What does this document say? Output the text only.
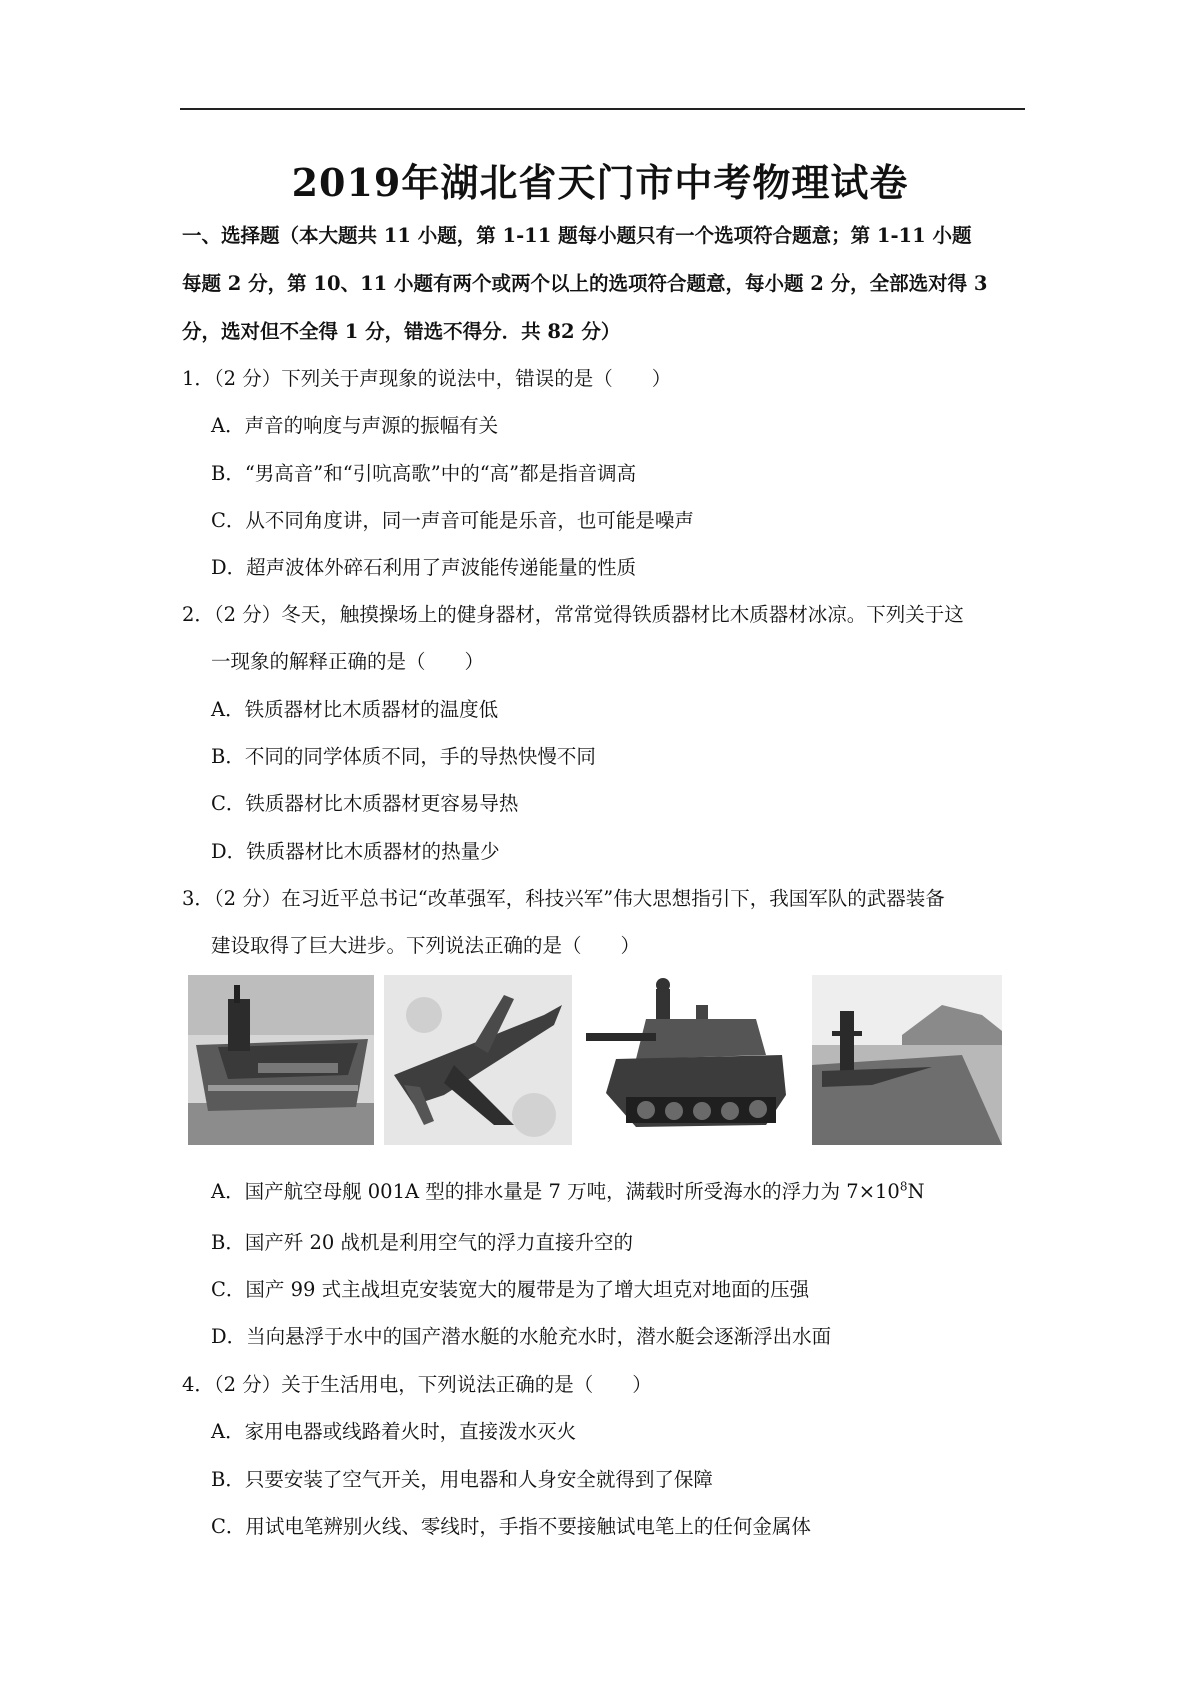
2019年湖北省天门市中考物理试卷
一、选择题（本大题共 11 小题，第 1-11 题每小题只有一个选项符合题意；第 1-11 小题
每题 2 分，第 10、11 小题有两个或两个以上的选项符合题意，每小题 2 分，全部选对得 3
分，选对但不全得 1 分，错选不得分．共 82 分）
1．（2 分）下列关于声现象的说法中，错误的是（　　）
A．声音的响度与声源的振幅有关
B．“男高音”和“引吭高歌”中的“高”都是指音调高
C．从不同角度讲，同一声音可能是乐音，也可能是噪声
D．超声波体外碎石利用了声波能传递能量的性质
2．（2 分）冬天，触摸操场上的健身器材，常常觉得铁质器材比木质器材冰凉。下列关于这
一现象的解释正确的是（　　）
A．铁质器材比木质器材的温度低
B．不同的同学体质不同，手的导热快慢不同
C．铁质器材比木质器材更容易导热
D．铁质器材比木质器材的热量少
3．（2 分）在习近平总书记“改革强军，科技兴军”伟大思想指引下，我国军队的武器装备
建设取得了巨大进步。下列说法正确的是（　　）
A．国产航空母舰 001A 型的排水量是 7 万吨，满载时所受海水的浮力为 $7\times 10^8N$
B．国产歼 20 战机是利用空气的浮力直接升空的
C．国产 99 式主战坦克安装宽大的履带是为了增大坦克对地面的压强
D．当向悬浮于水中的国产潜水艇的水舱充水时，潜水艇会逐渐浮出水面
4．（2 分）关于生活用电，下列说法正确的是（　　）
A．家用电器或线路着火时，直接泼水灭火
B．只要安装了空气开关，用电器和人身安全就得到了保障
C．用试电笔辨别火线、零线时，手指不要接触试电笔上的任何金属体
